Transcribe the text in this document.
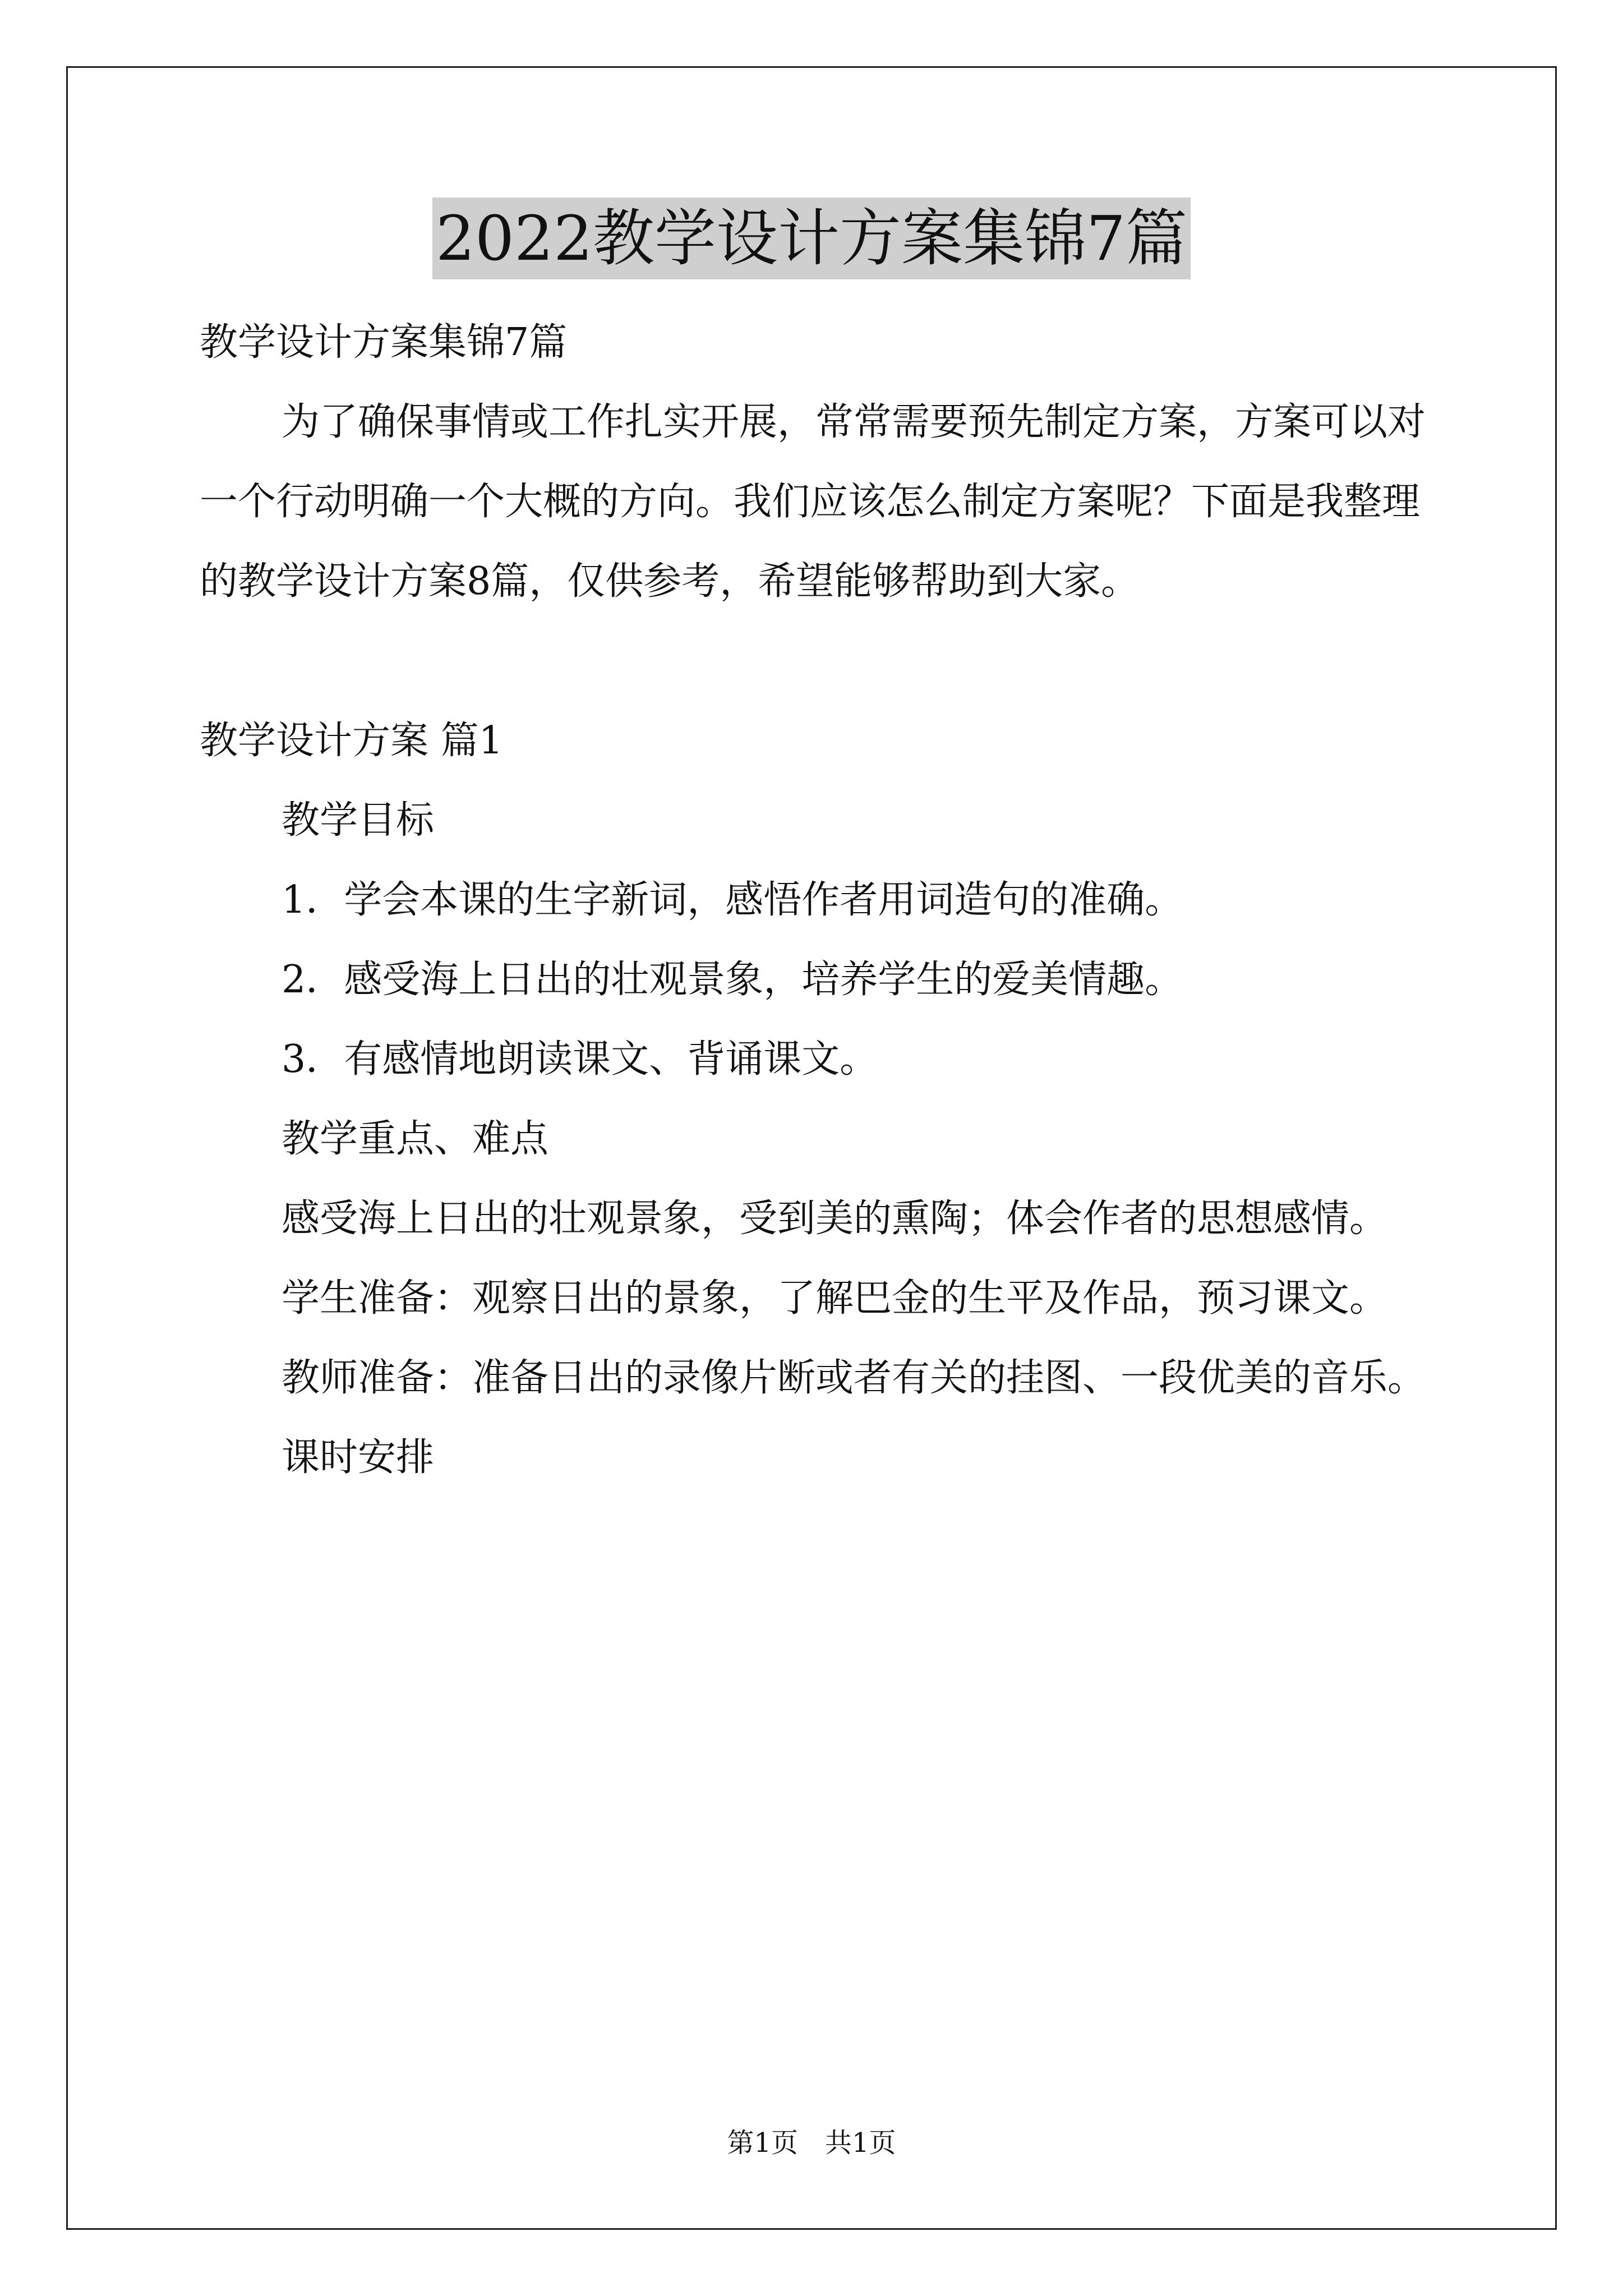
2022教学设计方案集锦7篇

教学设计方案集锦7篇

为了确保事情或工作扎实开展，常常需要预先制定方案，方案可以对一个行动明确一个大概的方向。我们应该怎么制定方案呢？下面是我整理的教学设计方案8篇，仅供参考，希望能够帮助到大家。

教学设计方案 篇1

教学目标

1．学会本课的生字新词，感悟作者用词造句的准确。

2．感受海上日出的壮观景象，培养学生的爱美情趣。

3．有感情地朗读课文、背诵课文。

教学重点、难点

感受海上日出的壮观景象，受到美的熏陶；体会作者的思想感情。

学生准备：观察日出的景象，了解巴金的生平及作品，预习课文。

教师准备：准备日出的录像片断或者有关的挂图、一段优美的音乐。

课时安排

第1页 共1页
